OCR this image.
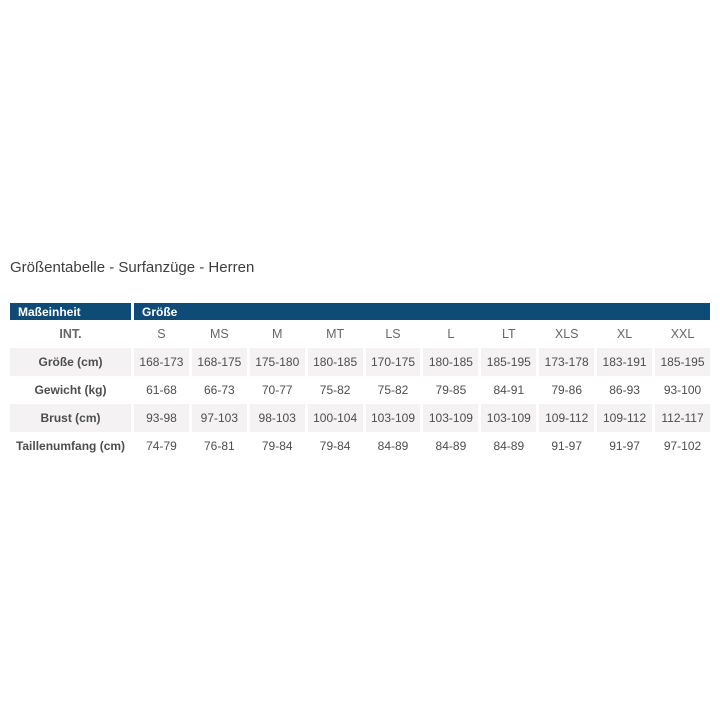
Größentabelle - Surfanzüge - Herren
Maßeinheit	Größe									
INT.	S	MS	M	MT	LS	L	LT	XLS	XL	XXL
Größe (cm)	168-173	168-175	175-180	180-185	170-175	180-185	185-195	173-178	183-191	185-195
Gewicht (kg)	61-68	66-73	70-77	75-82	75-82	79-85	84-91	79-86	86-93	93-100
Brust (cm)	93-98	97-103	98-103	100-104	103-109	103-109	103-109	109-112	109-112	112-117
Taillenumfang (cm)	74-79	76-81	79-84	79-84	84-89	84-89	84-89	91-97	91-97	97-102
